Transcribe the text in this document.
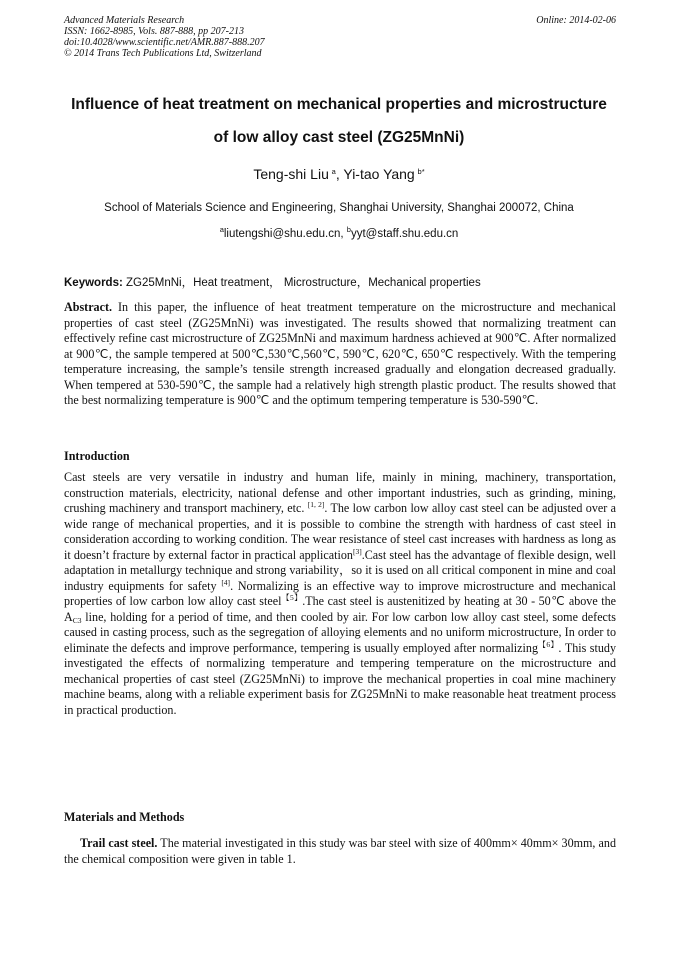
Advanced Materials Research
ISSN: 1662-8985, Vols. 887-888, pp 207-213
doi:10.4028/www.scientific.net/AMR.887-888.207
© 2014 Trans Tech Publications Ltd, Switzerland
Online: 2014-02-06
Influence of heat treatment on mechanical properties and microstructure
of low alloy cast steel (ZG25MnNi)
Teng-shi Liu  $^a$, Yi-tao Yang  $^{b*}$
School of Materials Science and Engineering, Shanghai University, Shanghai 200072, China
$^a$liutengshi@shu.edu.cn, $^b$yyt@staff.shu.edu.cn
Keywords: ZG25MnNi，Heat treatment， Microstructure，Mechanical properties
Abstract. In this paper, the influence of heat treatment temperature on the microstructure and mechanical properties of cast steel (ZG25MnNi) was investigated. The results showed that normalizing treatment can effectively refine cast microstructure of ZG25MnNi and maximum hardness achieved at 900℃. After normalized at 900℃, the sample tempered at 500℃,530℃,560℃, 590℃, 620℃, 650℃ respectively. With the tempering temperature increasing, the sample’s tensile strength increased gradually and elongation decreased gradually. When tempered at 530-590℃, the sample had a relatively high strength plastic product. The results showed that the best normalizing temperature is 900℃ and the optimum tempering temperature is 530-590℃.
Introduction
Cast steels are very versatile in industry and human life, mainly in mining, machinery, transportation, construction materials, electricity, national defense and other important industries, such as grinding, mining, crushing machinery and transport machinery, etc. [1, 2]. The low carbon low alloy cast steel can be adjusted over a wide range of mechanical properties, and it is possible to combine the strength with hardness of cast steel in consideration according to working condition. The wear resistance of steel cast increases with hardness as long as it doesn’t fracture by external factor in practical application[3].Cast steel has the advantage of flexible design, well adaptation in metallurgy technique and strong variability，so it is used on all critical component in mine and coal industry equipments for safety [4]. Normalizing is an effective way to improve microstructure and mechanical properties of low carbon low alloy cast steel$^{【5】}$.The cast steel is austenitized by heating at 30 - 50℃ above the $A_{C3}$ line, holding for a period of time, and then cooled by air. For low carbon low alloy cast steel, some defects caused in casting process, such as the segregation of alloying elements and no uniform microstructure, In order to eliminate the defects and improve performance, tempering is usually employed after normalizing$^{【6】}$. This study investigated the effects of normalizing temperature and tempering temperature on the microstructure and mechanical properties of cast steel (ZG25MnNi) to improve the mechanical properties in coal mine machinery machine beams, along with a reliable experiment basis for ZG25MnNi to make reasonable heat treatment process in practical production.
Materials and Methods
Trail cast steel. The material investigated in this study was bar steel with size of 400mm× 40mm× 30mm, and the chemical composition were given in table 1.
